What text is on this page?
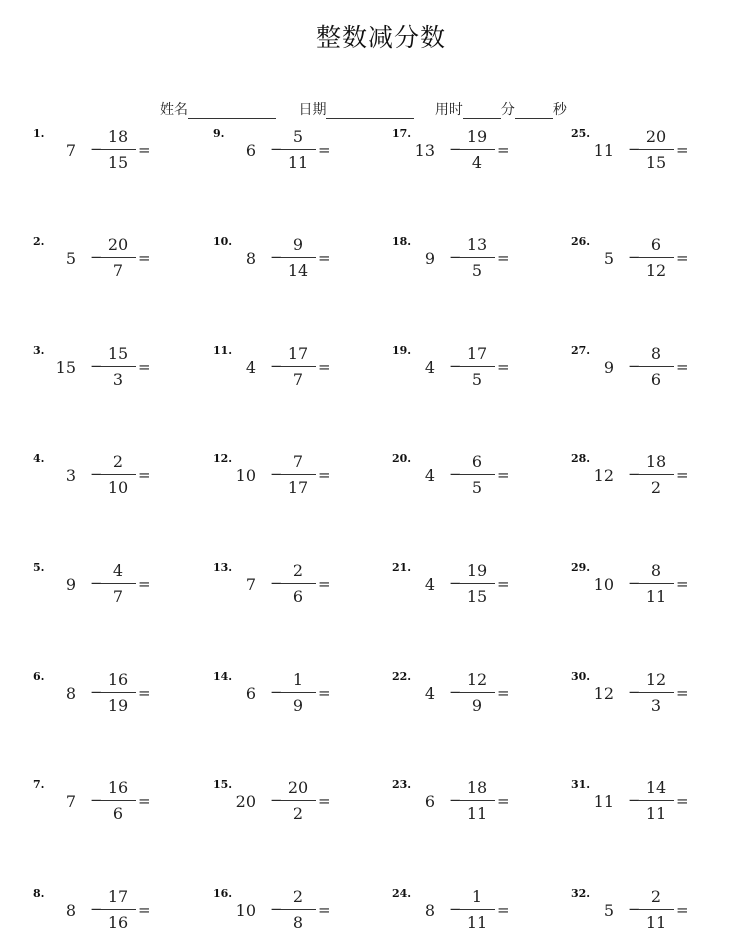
整数减分数
姓名	日期	用时	分	秒
1.
7 −
18
15
=
2.
5 −
20
7
=
3.
15 −
15
3
=
4.
3 −
2
10
=
5.
9 −
4
7
=
6.
8 −
16
19
=
7.
7 −
16
6
=
8.
8 −
17
16
=
9.
6 −
5
11
=
10.
8 −
9
14
=
11.
4 −
17
7
=
12.
10 −
7
17
=
13.
7 −
2
6
=
14.
6 −
1
9
=
15.
20 −
20
2
=
16.
10 −
2
8
=
17.
13 −
19
4
=
18.
9 −
13
5
=
19.
4 −
17
5
=
20.
4 −
6
5
=
21.
4 −
19
15
=
22.
4 −
12
9
=
23.
6 −
18
11
=
24.
8 −
1
11
=
25.
11 −
20
15
=
26.
5 −
6
12
=
27.
9 −
8
6
=
28.
12 −
18
2
=
29.
10 −
8
11
=
30.
12 −
12
3
=
31.
11 −
14
11
=
32.
5 −
2
11
=
